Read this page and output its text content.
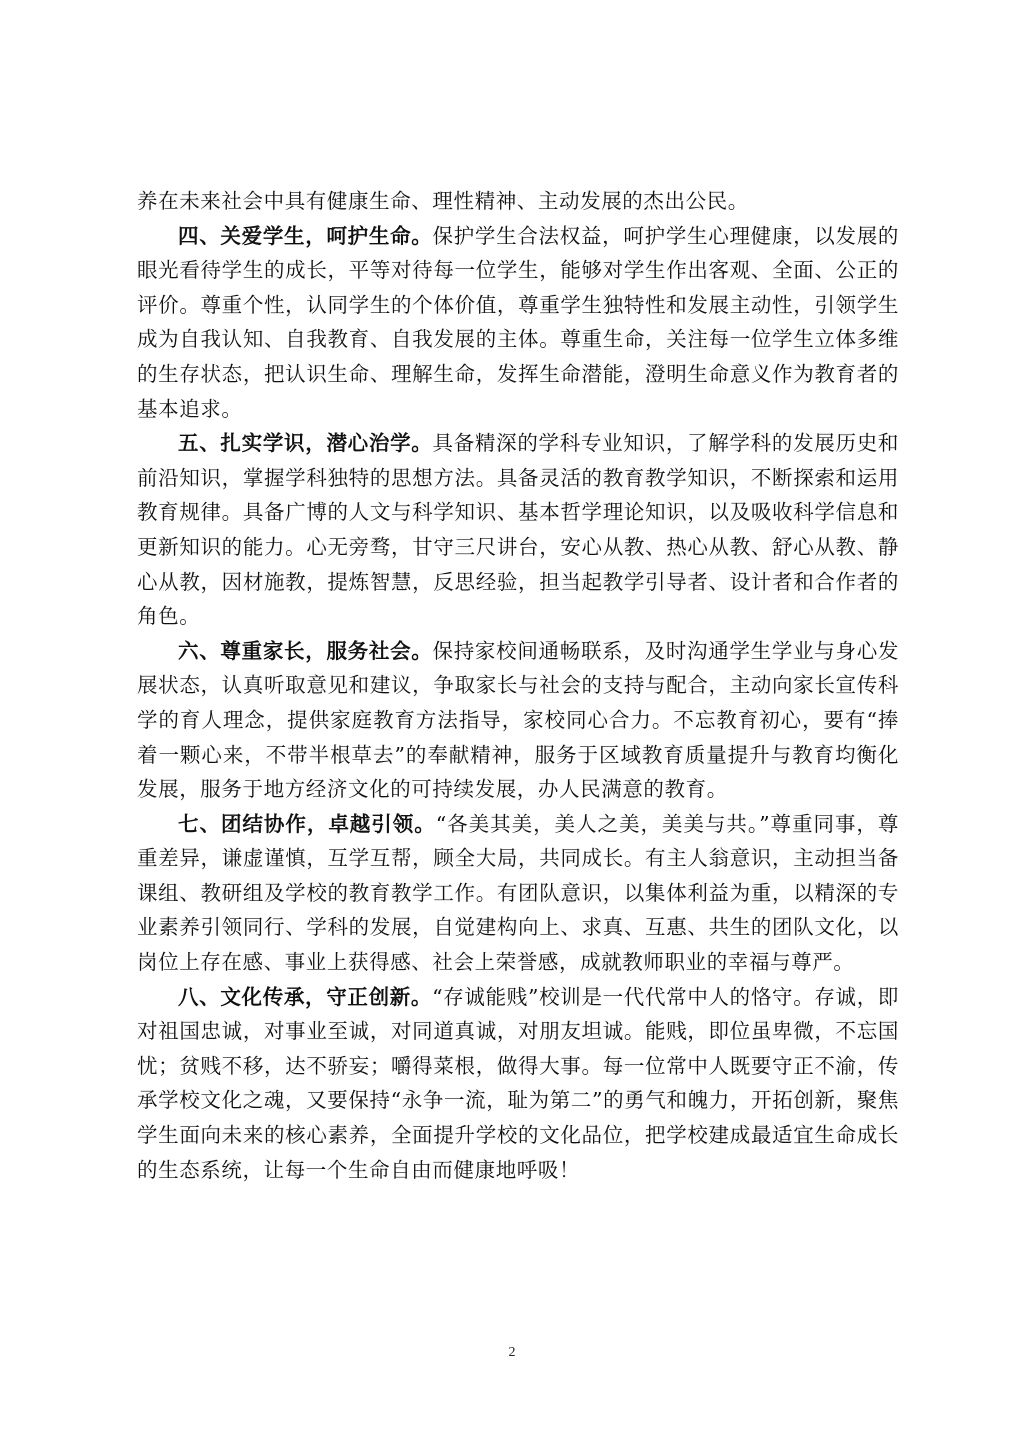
养在未来社会中具有健康生命、理性精神、主动发展的杰出公民。

四、关爱学生，呵护生命。保护学生合法权益，呵护学生心理健康，以发展的眼光看待学生的成长，平等对待每一位学生，能够对学生作出客观、全面、公正的评价。尊重个性，认同学生的个体价值，尊重学生独特性和发展主动性，引领学生成为自我认知、自我教育、自我发展的主体。尊重生命，关注每一位学生立体多维的生存状态，把认识生命、理解生命，发挥生命潜能，澄明生命意义作为教育者的基本追求。

五、扎实学识，潜心治学。具备精深的学科专业知识，了解学科的发展历史和前沿知识，掌握学科独特的思想方法。具备灵活的教育教学知识，不断探索和运用教育规律。具备广博的人文与科学知识、基本哲学理论知识，以及吸收科学信息和更新知识的能力。心无旁骛，甘守三尺讲台，安心从教、热心从教、舒心从教、静心从教，因材施教，提炼智慧，反思经验，担当起教学引导者、设计者和合作者的角色。

六、尊重家长，服务社会。保持家校间通畅联系，及时沟通学生学业与身心发展状态，认真听取意见和建议，争取家长与社会的支持与配合，主动向家长宣传科学的育人理念，提供家庭教育方法指导，家校同心合力。不忘教育初心，要有“捧着一颗心来，不带半根草去”的奉献精神，服务于区域教育质量提升与教育均衡化发展，服务于地方经济文化的可持续发展，办人民满意的教育。

七、团结协作，卓越引领。“各美其美，美人之美，美美与共。”尊重同事，尊重差异，谦虚谨慎，互学互帮，顾全大局，共同成长。有主人翁意识，主动担当备课组、教研组及学校的教育教学工作。有团队意识，以集体利益为重，以精深的专业素养引领同行、学科的发展，自觉建构向上、求真、互惠、共生的团队文化，以岗位上存在感、事业上获得感、社会上荣誉感，成就教师职业的幸福与尊严。

八、文化传承，守正创新。“存诚能贱”校训是一代代常中人的恪守。存诚，即对祖国忠诚，对事业至诚，对同道真诚，对朋友坦诚。能贱，即位虽卑微，不忘国忧；贫贱不移，达不骄妄；嚼得菜根，做得大事。每一位常中人既要守正不渝，传承学校文化之魂，又要保持“永争一流，耻为第二”的勇气和魄力，开拓创新，聚焦学生面向未来的核心素养，全面提升学校的文化品位，把学校建成最适宜生命成长的生态系统，让每一个生命自由而健康地呼吸！

2
